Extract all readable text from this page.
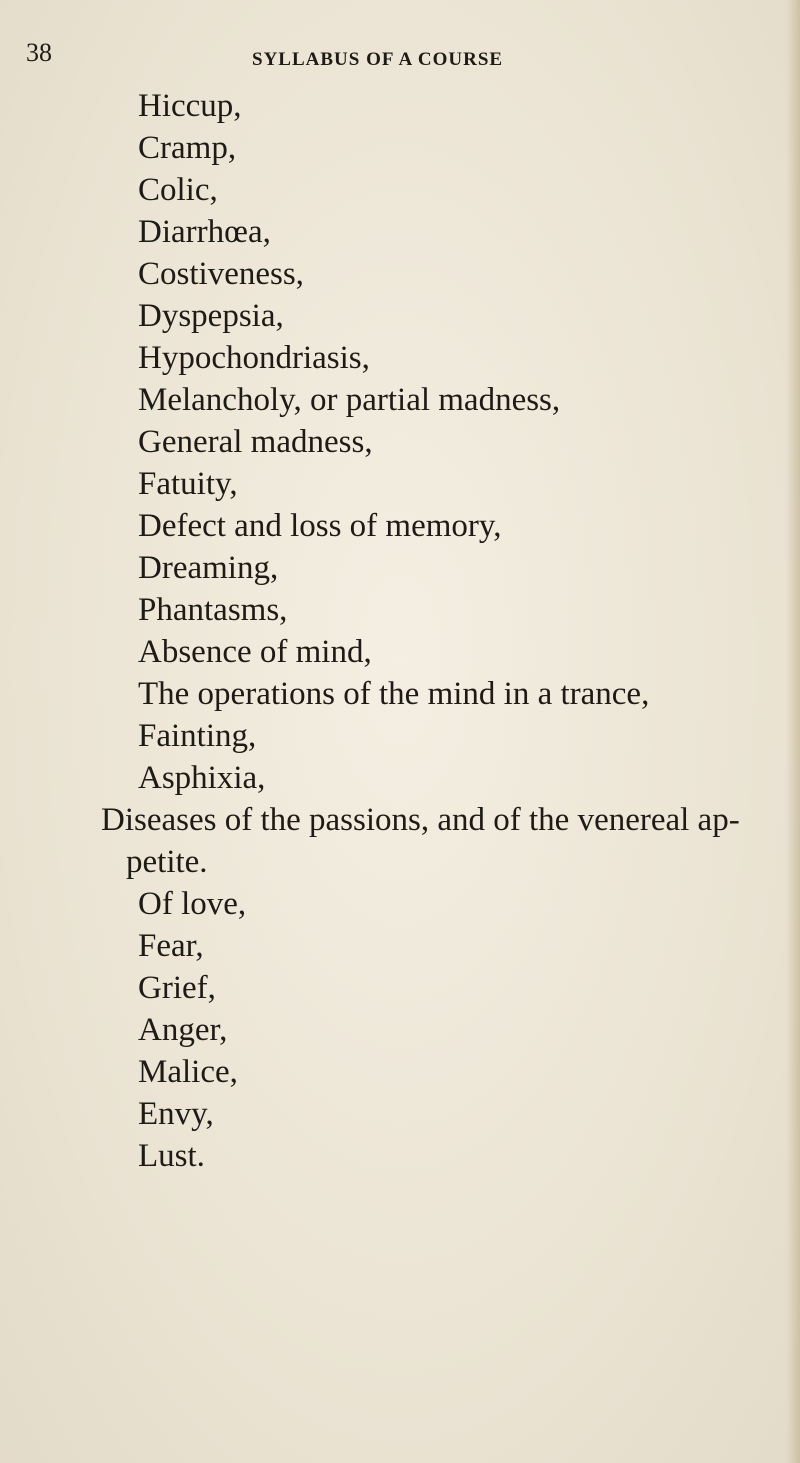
38	SYLLABUS OF A COURSE
Hiccup,
Cramp,
Colic,
Diarrhœa,
Costiveness,
Dyspepsia,
Hypochondriasis,
Melancholy, or partial madness,
General madness,
Fatuity,
Defect and loss of memory,
Dreaming,
Phantasms,
Absence of mind,
The operations of the mind in a trance,
Fainting,
Asphixia,
Diseases of the passions, and of the venereal ap-
petite.
Of love,
Fear,
Grief,
Anger,
Malice,
Envy,
Lust.
